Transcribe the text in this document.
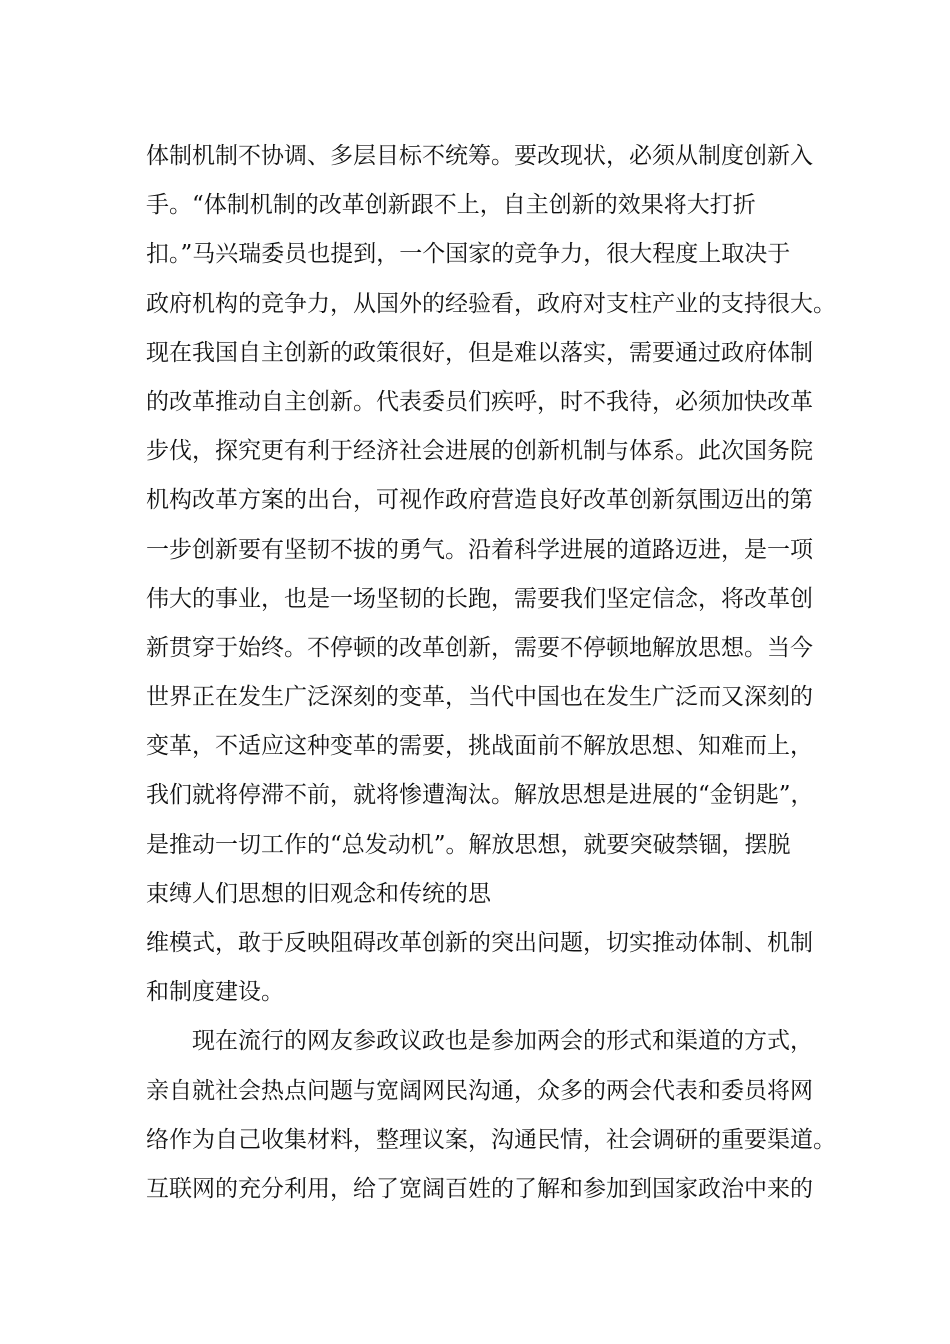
体制机制不协调、多层目标不统筹。要改现状，必须从制度创新入
手。“体制机制的改革创新跟不上，自主创新的效果将大打折
扣。”马兴瑞委员也提到，一个国家的竞争力，很大程度上取决于
政府机构的竞争力，从国外的经验看，政府对支柱产业的支持很大。
现在我国自主创新的政策很好，但是难以落实，需要通过政府体制
的改革推动自主创新。代表委员们疾呼，时不我待，必须加快改革
步伐，探究更有利于经济社会进展的创新机制与体系。此次国务院
机构改革方案的出台，可视作政府营造良好改革创新氛围迈出的第
一步创新要有坚韧不拔的勇气。沿着科学进展的道路迈进，是一项
伟大的事业，也是一场坚韧的长跑，需要我们坚定信念，将改革创
新贯穿于始终。不停顿的改革创新，需要不停顿地解放思想。当今
世界正在发生广泛深刻的变革，当代中国也在发生广泛而又深刻的
变革，不适应这种变革的需要，挑战面前不解放思想、知难而上，
我们就将停滞不前，就将惨遭淘汰。解放思想是进展的“金钥匙”，
是推动一切工作的“总发动机”。解放思想，就要突破禁锢，摆脱
束缚人们思想的旧观念和传统的思
维模式，敢于反映阻碍改革创新的突出问题，切实推动体制、机制
和制度建设。
现在流行的网友参政议政也是参加两会的形式和渠道的方式，
亲自就社会热点问题与宽阔网民沟通，众多的两会代表和委员将网
络作为自己收集材料，整理议案，沟通民情，社会调研的重要渠道。
互联网的充分利用，给了宽阔百姓的了解和参加到国家政治中来的
